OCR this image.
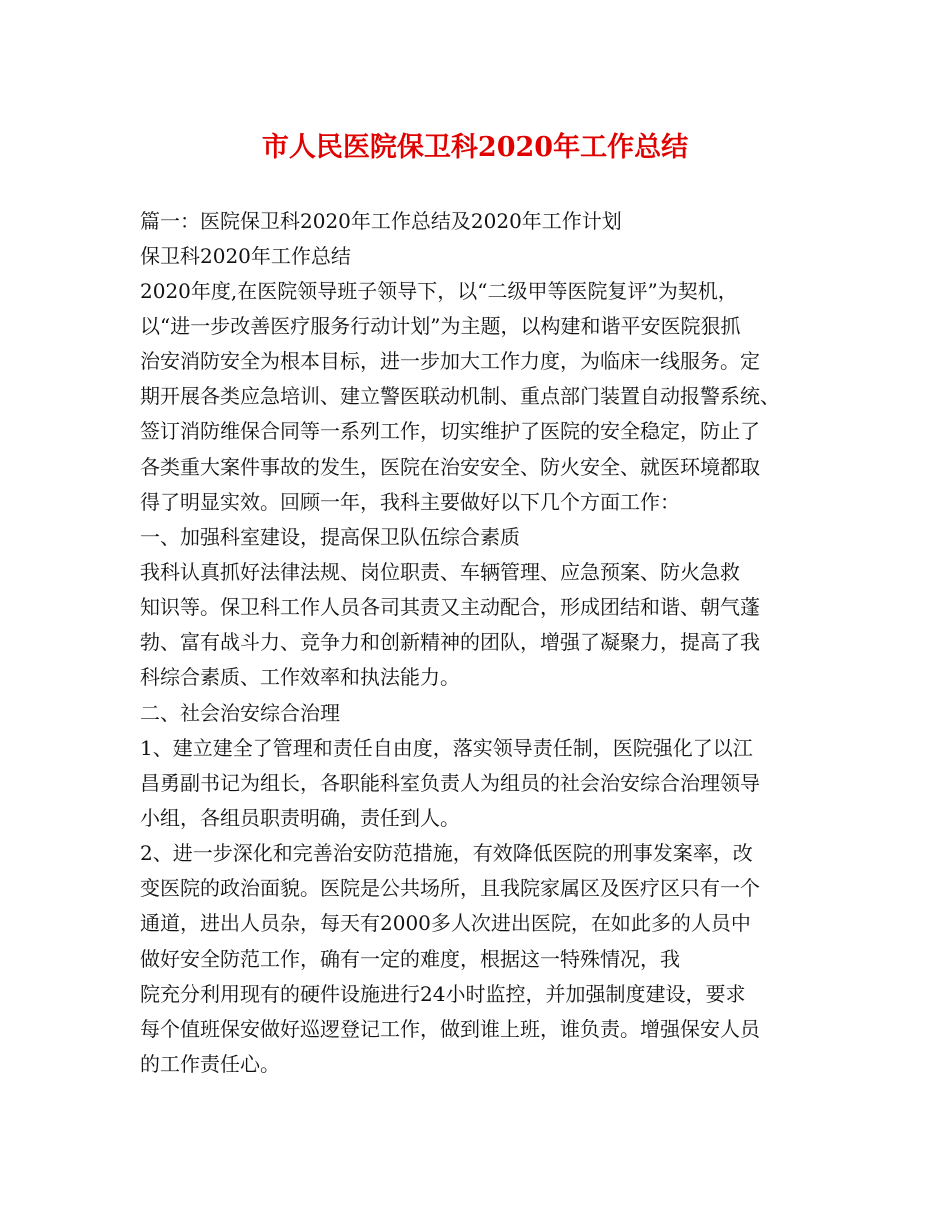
市人民医院保卫科2020年工作总结
篇一：医院保卫科2020年工作总结及2020年工作计划
保卫科2020年工作总结
2020年度,在医院领导班子领导下，以“二级甲等医院复评”为契机，
以“进一步改善医疗服务行动计划”为主题，以构建和谐平安医院狠抓
治安消防安全为根本目标，进一步加大工作力度，为临床一线服务。定
期开展各类应急培训、建立警医联动机制、重点部门装置自动报警系统、
签订消防维保合同等一系列工作，切实维护了医院的安全稳定，防止了
各类重大案件事故的发生，医院在治安安全、防火安全、就医环境都取
得了明显实效。回顾一年，我科主要做好以下几个方面工作：
一、加强科室建设，提高保卫队伍综合素质
我科认真抓好法律法规、岗位职责、车辆管理、应急预案、防火急救
知识等。保卫科工作人员各司其责又主动配合，形成团结和谐、朝气蓬
勃、富有战斗力、竞争力和创新精神的团队，增强了凝聚力，提高了我
科综合素质、工作效率和执法能力。
二、社会治安综合治理
1、建立建全了管理和责任自由度，落实领导责任制，医院强化了以江
昌勇副书记为组长，各职能科室负责人为组员的社会治安综合治理领导
小组，各组员职责明确，责任到人。
2、进一步深化和完善治安防范措施，有效降低医院的刑事发案率，改
变医院的政治面貌。医院是公共场所，且我院家属区及医疗区只有一个
通道，进出人员杂，每天有2000多人次进出医院，在如此多的人员中
做好安全防范工作，确有一定的难度，根据这一特殊情况，我
院充分利用现有的硬件设施进行24小时监控，并加强制度建设，要求
每个值班保安做好巡逻登记工作，做到谁上班，谁负责。增强保安人员
的工作责任心。
